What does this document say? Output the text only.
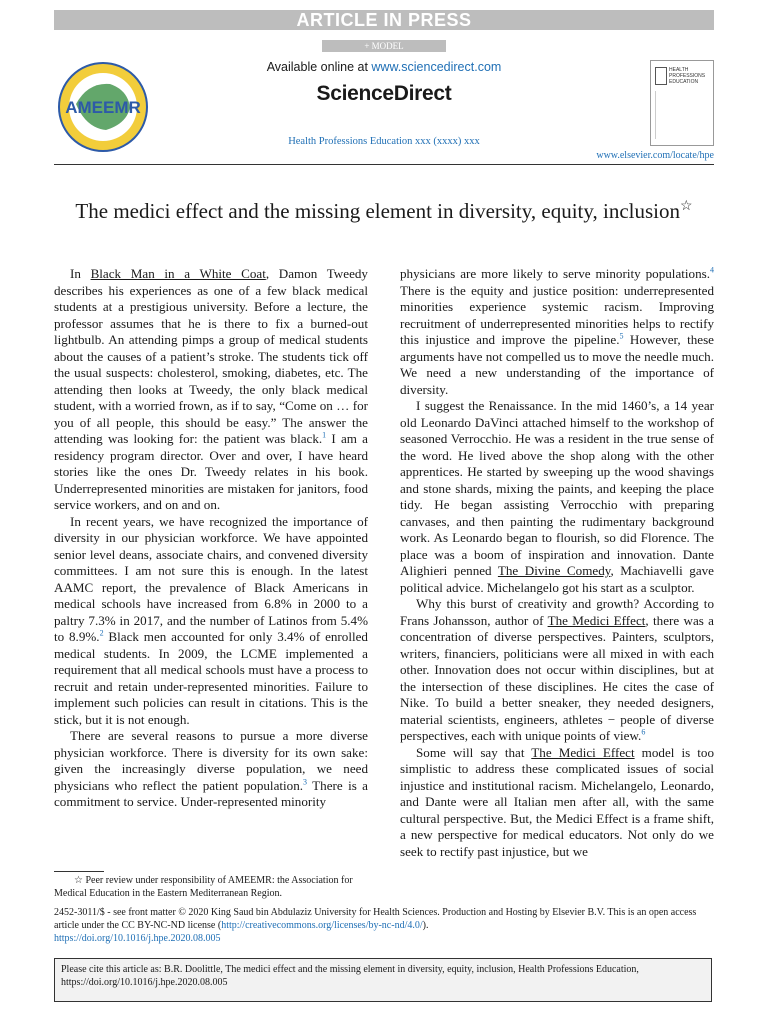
ARTICLE IN PRESS
+ MODEL
AMEEMR
Available online at www.sciencedirect.com
ScienceDirect
Health Professions Education xxx (xxxx) xxx
HEALTH PROFESSIONS EDUCATION
www.elsevier.com/locate/hpe
The medici effect and the missing element in diversity, equity, inclusion☆

In Black Man in a White Coat, Damon Tweedy describes his experiences as one of a few black medical students at a prestigious university. Before a lecture, the professor assumes that he is there to fix a burned-out lightbulb. An attending pimps a group of medical students about the causes of a patient’s stroke. The students tick off the usual suspects: cholesterol, smoking, diabetes, etc. The attending then looks at Tweedy, the only black medical student, with a worried frown, as if to say, “Come on … for you of all people, this should be easy.” The answer the attending was looking for: the patient was black.$^1$ I am a residency program director. Over and over, I have heard stories like the ones Dr. Tweedy relates in his book. Underrepresented minorities are mistaken for janitors, food service workers, and on and on.

In recent years, we have recognized the importance of diversity in our physician workforce. We have appointed senior level deans, associate chairs, and convened diversity committees. I am not sure this is enough. In the latest AAMC report, the prevalence of Black Americans in medical schools have increased from 6.8% in 2000 to a paltry 7.3% in 2017, and the number of Latinos from 5.4% to 8.9%.$^2$ Black men accounted for only 3.4% of enrolled medical students. In 2009, the LCME implemented a requirement that all medical schools must have a process to recruit and retain under-represented minorities. Failure to implement such policies can result in citations. This is the stick, but it is not enough.

There are several reasons to pursue a more diverse physician workforce. There is diversity for its own sake: given the increasingly diverse population, we need physicians who reflect the patient population.$^3$ There is a commitment to service. Under-represented minority

physicians are more likely to serve minority populations.$^4$ There is the equity and justice position: underrepresented minorities experience systemic racism. Improving recruitment of underrepresented minorities helps to rectify this injustice and improve the pipeline.$^5$ However, these arguments have not compelled us to move the needle much. We need a new understanding of the importance of diversity.

I suggest the Renaissance. In the mid 1460’s, a 14 year old Leonardo DaVinci attached himself to the workshop of seasoned Verrocchio. He was a resident in the true sense of the word. He lived above the shop along with the other apprentices. He started by sweeping up the wood shavings and stone shards, mixing the paints, and keeping the place tidy. He began assisting Verrocchio with preparing canvases, and then painting the rudimentary background work. As Leonardo began to flourish, so did Florence. The place was a boom of inspiration and innovation. Dante Alighieri penned The Divine Comedy, Machiavelli gave political advice. Michelangelo got his start as a sculptor.

Why this burst of creativity and growth? According to Frans Johansson, author of The Medici Effect, there was a concentration of diverse perspectives. Painters, sculptors, writers, financiers, politicians were all mixed in with each other. Innovation does not occur within disciplines, but at the intersection of these disciplines. He cites the case of Nike. To build a better sneaker, they needed designers, material scientists, engineers, athletes − people of diverse perspectives, each with unique points of view.$^6$

Some will say that The Medici Effect model is too simplistic to address these complicated issues of social injustice and institutional racism. Michelangelo, Leonardo, and Dante were all Italian men after all, with the same cultural perspective. But, the Medici Effect is a frame shift, a new perspective for medical educators. Not only do we seek to rectify past injustice, but we

☆ Peer review under responsibility of AMEEMR: the Association for Medical Education in the Eastern Mediterranean Region.

2452-3011/$ - see front matter © 2020 King Saud bin Abdulaziz University for Health Sciences. Production and Hosting by Elsevier B.V. This is an open access article under the CC BY-NC-ND license (http://creativecommons.org/licenses/by-nc-nd/4.0/).

https://doi.org/10.1016/j.hpe.2020.08.005

Please cite this article as: B.R. Doolittle, The medici effect and the missing element in diversity, equity, inclusion, Health Professions Education, https://doi.org/10.1016/j.hpe.2020.08.005
